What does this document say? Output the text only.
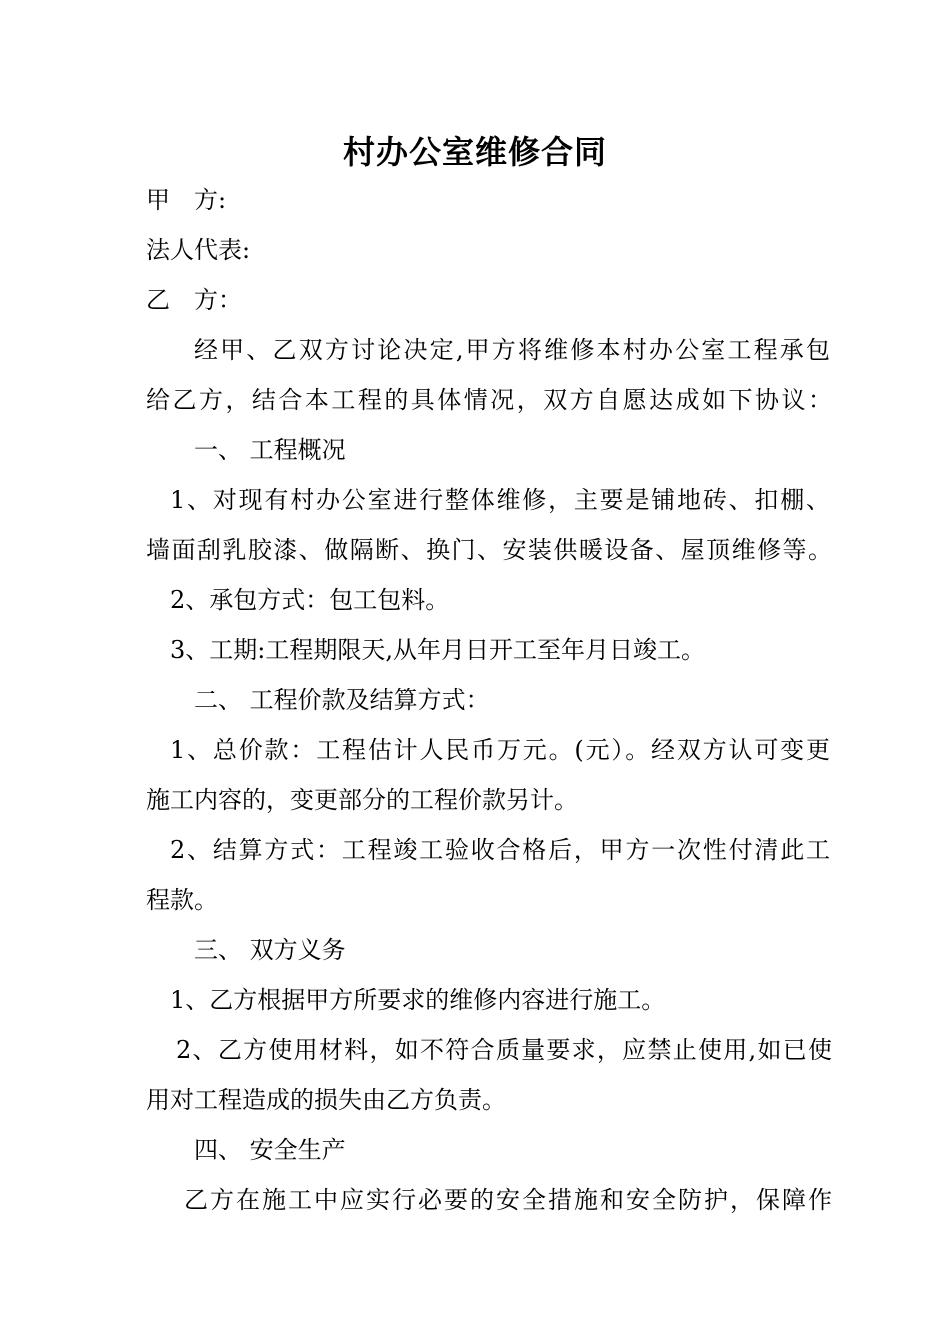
村办公室维修合同
甲　方:
法人代表:
乙　方：
经甲、乙双方讨论决定,甲方将维修本村办公室工程承包
给乙方，结合本工程的具体情况，双方自愿达成如下协议：
一、 工程概况
1、对现有村办公室进行整体维修，主要是铺地砖、扣棚、
墙面刮乳胶漆、做隔断、换门、安装供暖设备、屋顶维修等。
2、承包方式：包工包料。
3、工期:工程期限天,从年月日开工至年月日竣工。
二、 工程价款及结算方式：
1、总价款：工程估计人民币万元。(元）。经双方认可变更
施工内容的，变更部分的工程价款另计。
2、结算方式：工程竣工验收合格后，甲方一次性付清此工
程款。
三、 双方义务
1、乙方根据甲方所要求的维修内容进行施工。
2、乙方使用材料，如不符合质量要求，应禁止使用,如已使
用对工程造成的损失由乙方负责。
四、 安全生产
乙方在施工中应实行必要的安全措施和安全防护，保障作
